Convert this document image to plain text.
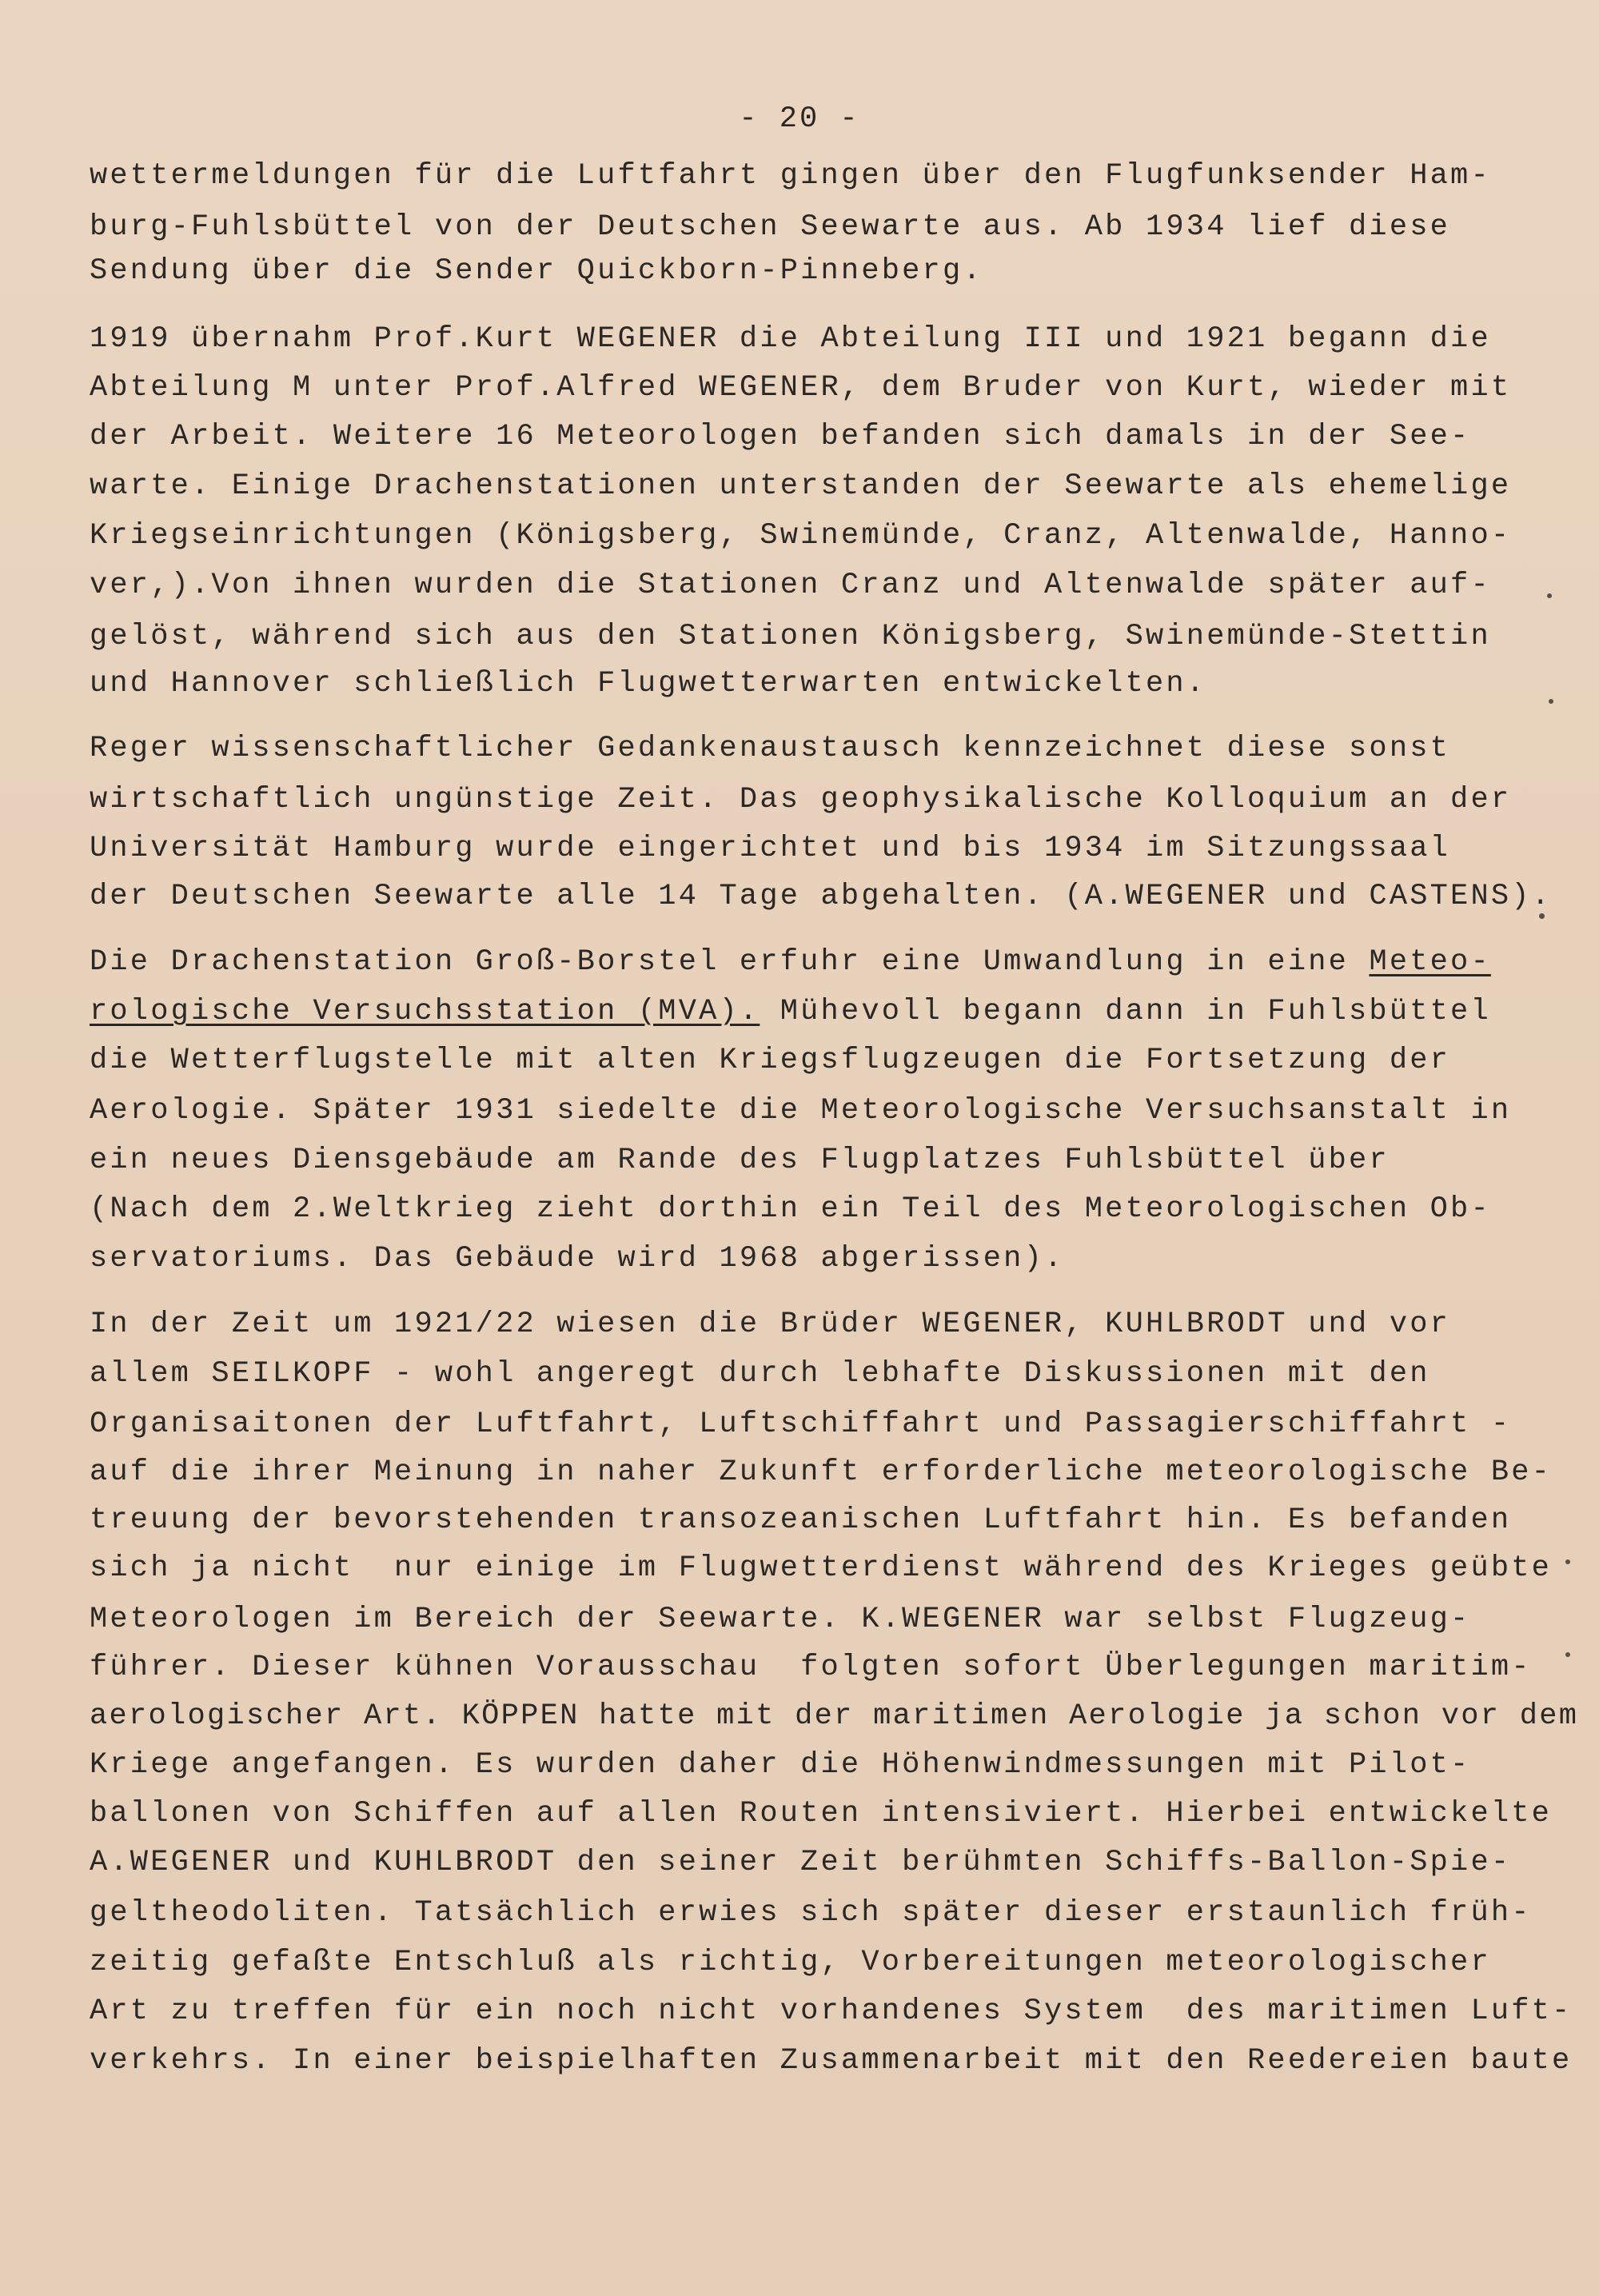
- 20 -
wettermeldungen für die Luftfahrt gingen über den Flugfunksender Ham-
burg-Fuhlsbüttel von der Deutschen Seewarte aus. Ab 1934 lief diese
Sendung über die Sender Quickborn-Pinneberg.
1919 übernahm Prof.Kurt WEGENER die Abteilung III und 1921 begann die
Abteilung M unter Prof.Alfred WEGENER, dem Bruder von Kurt, wieder mit
der Arbeit. Weitere 16 Meteorologen befanden sich damals in der See-
warte. Einige Drachenstationen unterstanden der Seewarte als ehemelige
Kriegseinrichtungen (Königsberg, Swinemünde, Cranz, Altenwalde, Hanno-
ver,).Von ihnen wurden die Stationen Cranz und Altenwalde später auf-
gelöst, während sich aus den Stationen Königsberg, Swinemünde-Stettin
und Hannover schließlich Flugwetterwarten entwickelten.
Reger wissenschaftlicher Gedankenaustausch kennzeichnet diese sonst
wirtschaftlich ungünstige Zeit. Das geophysikalische Kolloquium an der
Universität Hamburg wurde eingerichtet und bis 1934 im Sitzungssaal
der Deutschen Seewarte alle 14 Tage abgehalten. (A.WEGENER und CASTENS).
Die Drachenstation Groß-Borstel erfuhr eine Umwandlung in eine Meteo-
rologische Versuchsstation (MVA). Mühevoll begann dann in Fuhlsbüttel
die Wetterflugstelle mit alten Kriegsflugzeugen die Fortsetzung der
Aerologie. Später 1931 siedelte die Meteorologische Versuchsanstalt in
ein neues Diensgebäude am Rande des Flugplatzes Fuhlsbüttel über
(Nach dem 2.Weltkrieg zieht dorthin ein Teil des Meteorologischen Ob-
servatoriums. Das Gebäude wird 1968 abgerissen).
In der Zeit um 1921/22 wiesen die Brüder WEGENER, KUHLBRODT und vor
allem SEILKOPF - wohl angeregt durch lebhafte Diskussionen mit den
Organisaitonen der Luftfahrt, Luftschiffahrt und Passagierschiffahrt -
auf die ihrer Meinung in naher Zukunft erforderliche meteorologische Be-
treuung der bevorstehenden transozeanischen Luftfahrt hin. Es befanden
sich ja nicht  nur einige im Flugwetterdienst während des Krieges geübte
Meteorologen im Bereich der Seewarte. K.WEGENER war selbst Flugzeug-
führer. Dieser kühnen Vorausschau  folgten sofort Überlegungen maritim-
aerologischer Art. KÖPPEN hatte mit der maritimen Aerologie ja schon vor dem
Kriege angefangen. Es wurden daher die Höhenwindmessungen mit Pilot-
ballonen von Schiffen auf allen Routen intensiviert. Hierbei entwickelte
A.WEGENER und KUHLBRODT den seiner Zeit berühmten Schiffs-Ballon-Spie-
geltheodoliten. Tatsächlich erwies sich später dieser erstaunlich früh-
zeitig gefaßte Entschluß als richtig, Vorbereitungen meteorologischer
Art zu treffen für ein noch nicht vorhandenes System  des maritimen Luft-
verkehrs. In einer beispielhaften Zusammenarbeit mit den Reedereien baute
